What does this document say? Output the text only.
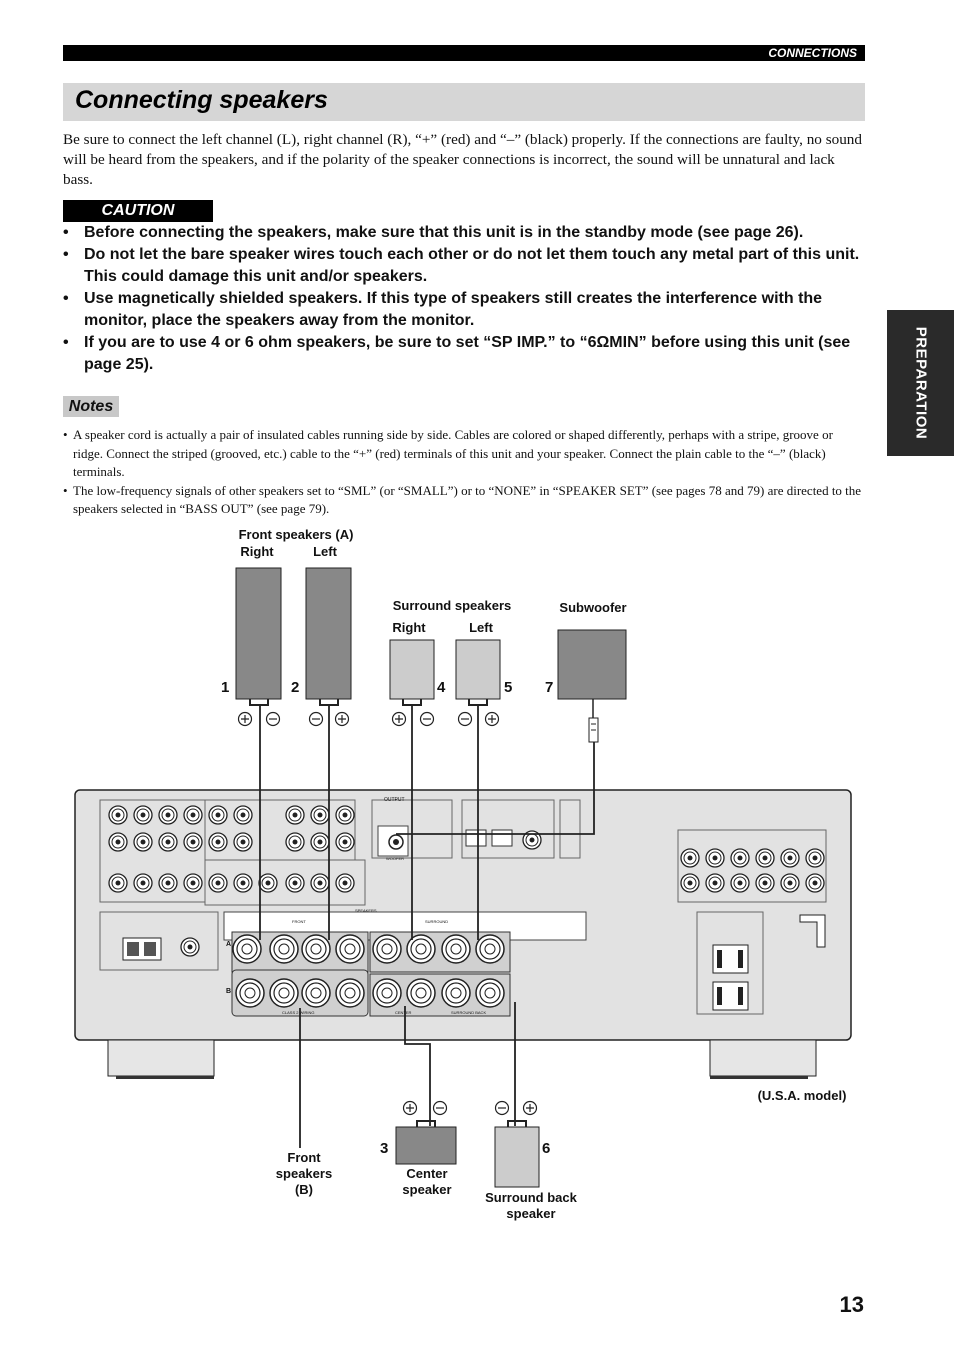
CONNECTIONS
Connecting speakers
Be sure to connect the left channel (L), right channel (R), “+” (red) and “–” (black) properly. If the connections are faulty, no sound will be heard from the speakers, and if the polarity of the speaker connections is incorrect, the sound will be unnatural and lack bass.
CAUTION
• Before connecting the speakers, make sure that this unit is in the standby mode (see page 26).
• Do not let the bare speaker wires touch each other or do not let them touch any metal part of this unit. This could damage this unit and/or speakers.
• Use magnetically shielded speakers. If this type of speakers still creates the interference with the monitor, place the speakers away from the monitor.
• If you are to use 4 or 6 ohm speakers, be sure to set “SP IMP.” to “6ΩMIN” before using this unit (see page 25).
Notes
• A speaker cord is actually a pair of insulated cables running side by side. Cables are colored or shaped differently, perhaps with a stripe, groove or ridge. Connect the striped (grooved, etc.) cable to the “+” (red) terminals of this unit and your speaker. Connect the plain cable to the “–” (black) terminals.
• The low-frequency signals of other speakers set to “SML” (or “SMALL”) or to “NONE” in “SPEAKER SET” (see pages 78 and 79) are directed to the speakers selected in “BASS OUT” (see page 79).
PREPARATION
Front speakers (A)
Right	Left
Surround speakers
Right	Left
Subwoofer
Front speakers (B)
Center speaker
Surround back speaker
(U.S.A. model)
1	2
3
4	5
6
7
OUTPUT
WOOFER
SPEAKERS
FRONT	SURROUND
CENTER	SURROUND BACK
CLASS 2 WIRING
A
B
13
